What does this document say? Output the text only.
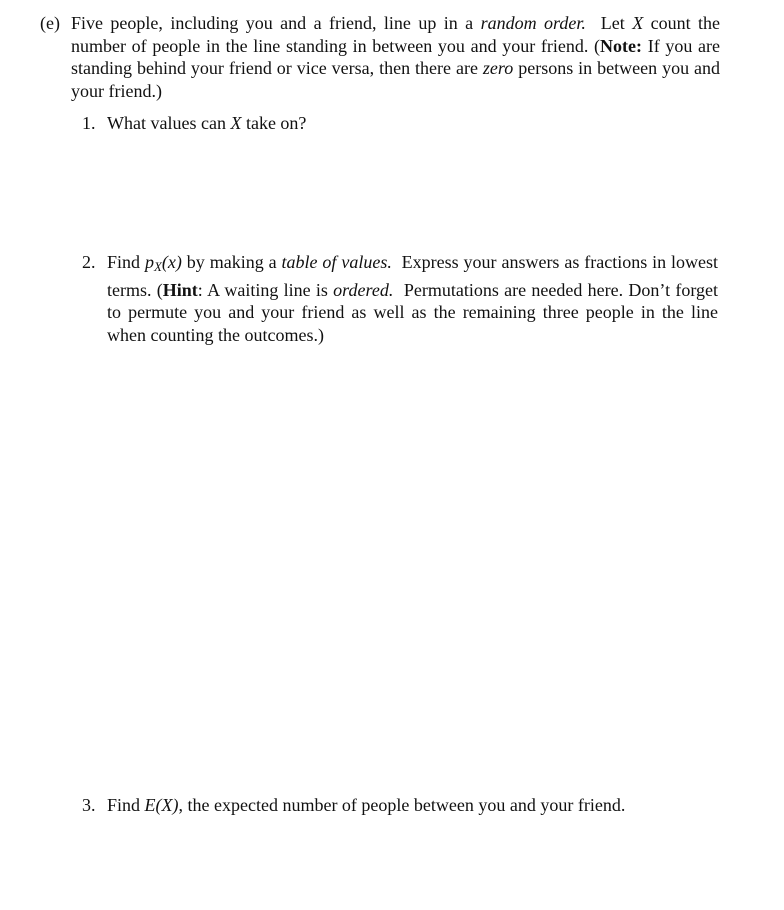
(e) Five people, including you and a friend, line up in a random order. Let X count the number of people in the line standing in between you and your friend. (Note: If you are standing behind your friend or vice versa, then there are zero persons in between you and your friend.)
1. What values can X take on?
2. Find $p_X(x)$ by making a table of values. Express your answers as fractions in lowest terms. (Hint: A waiting line is ordered. Permutations are needed here. Don’t forget to permute you and your friend as well as the remaining three people in the line when counting the outcomes.)
3. Find E(X), the expected number of people between you and your friend.
